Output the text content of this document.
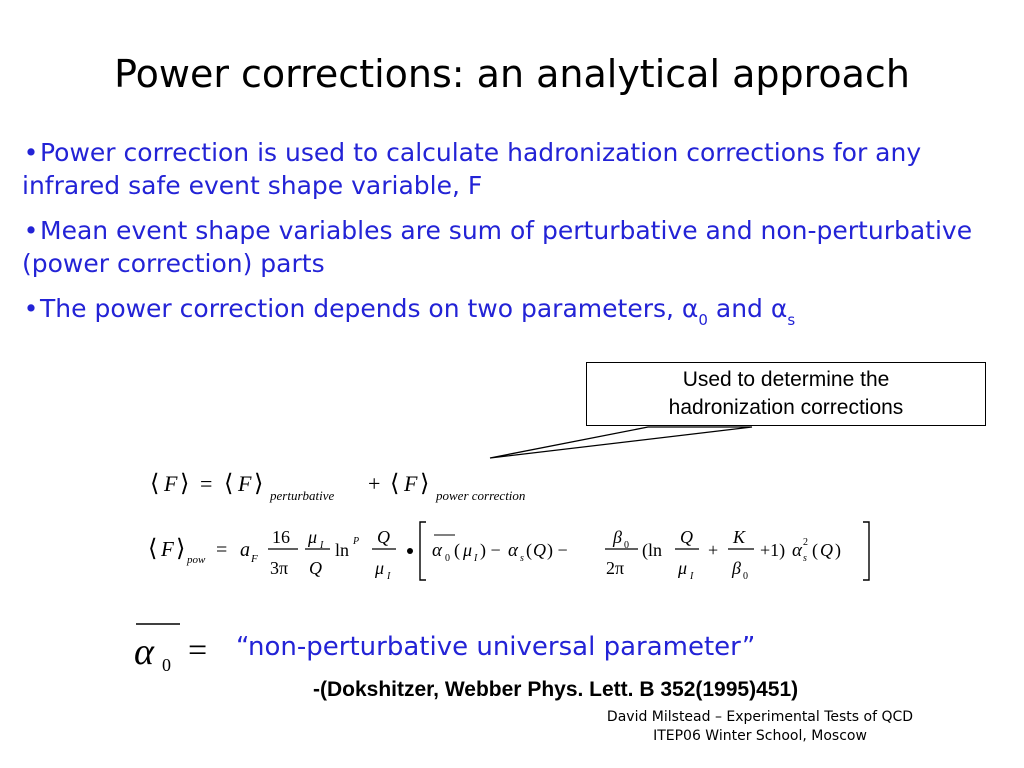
Power corrections: an analytical approach
•Power correction is used to calculate hadronization corrections for any infrared safe event shape variable, F
•Mean event shape variables are sum of perturbative and non-perturbative (power correction) parts
•The power correction depends on two parameters, $\alpha_0$ and $\alpha_s$
Used to determine the
hadronization corrections
⟨ F ⟩ = ⟨ F ⟩ perturbative + ⟨ F ⟩ power correction
⟨ F ⟩ pow = a F
16
3π
μ I
Q
ln P Q
μ I
α 0 ( μ I ) − α s ( Q ) −
β 0
2π
(ln
Q
μ I
+
K
β 0
+1) α s
2 ( Q )
α 0 = “non-perturbative universal parameter”
-(Dokshitzer, Webber Phys. Lett. B 352(1995)451)
David Milstead – Experimental Tests of QCD
ITEP06 Winter School, Moscow
